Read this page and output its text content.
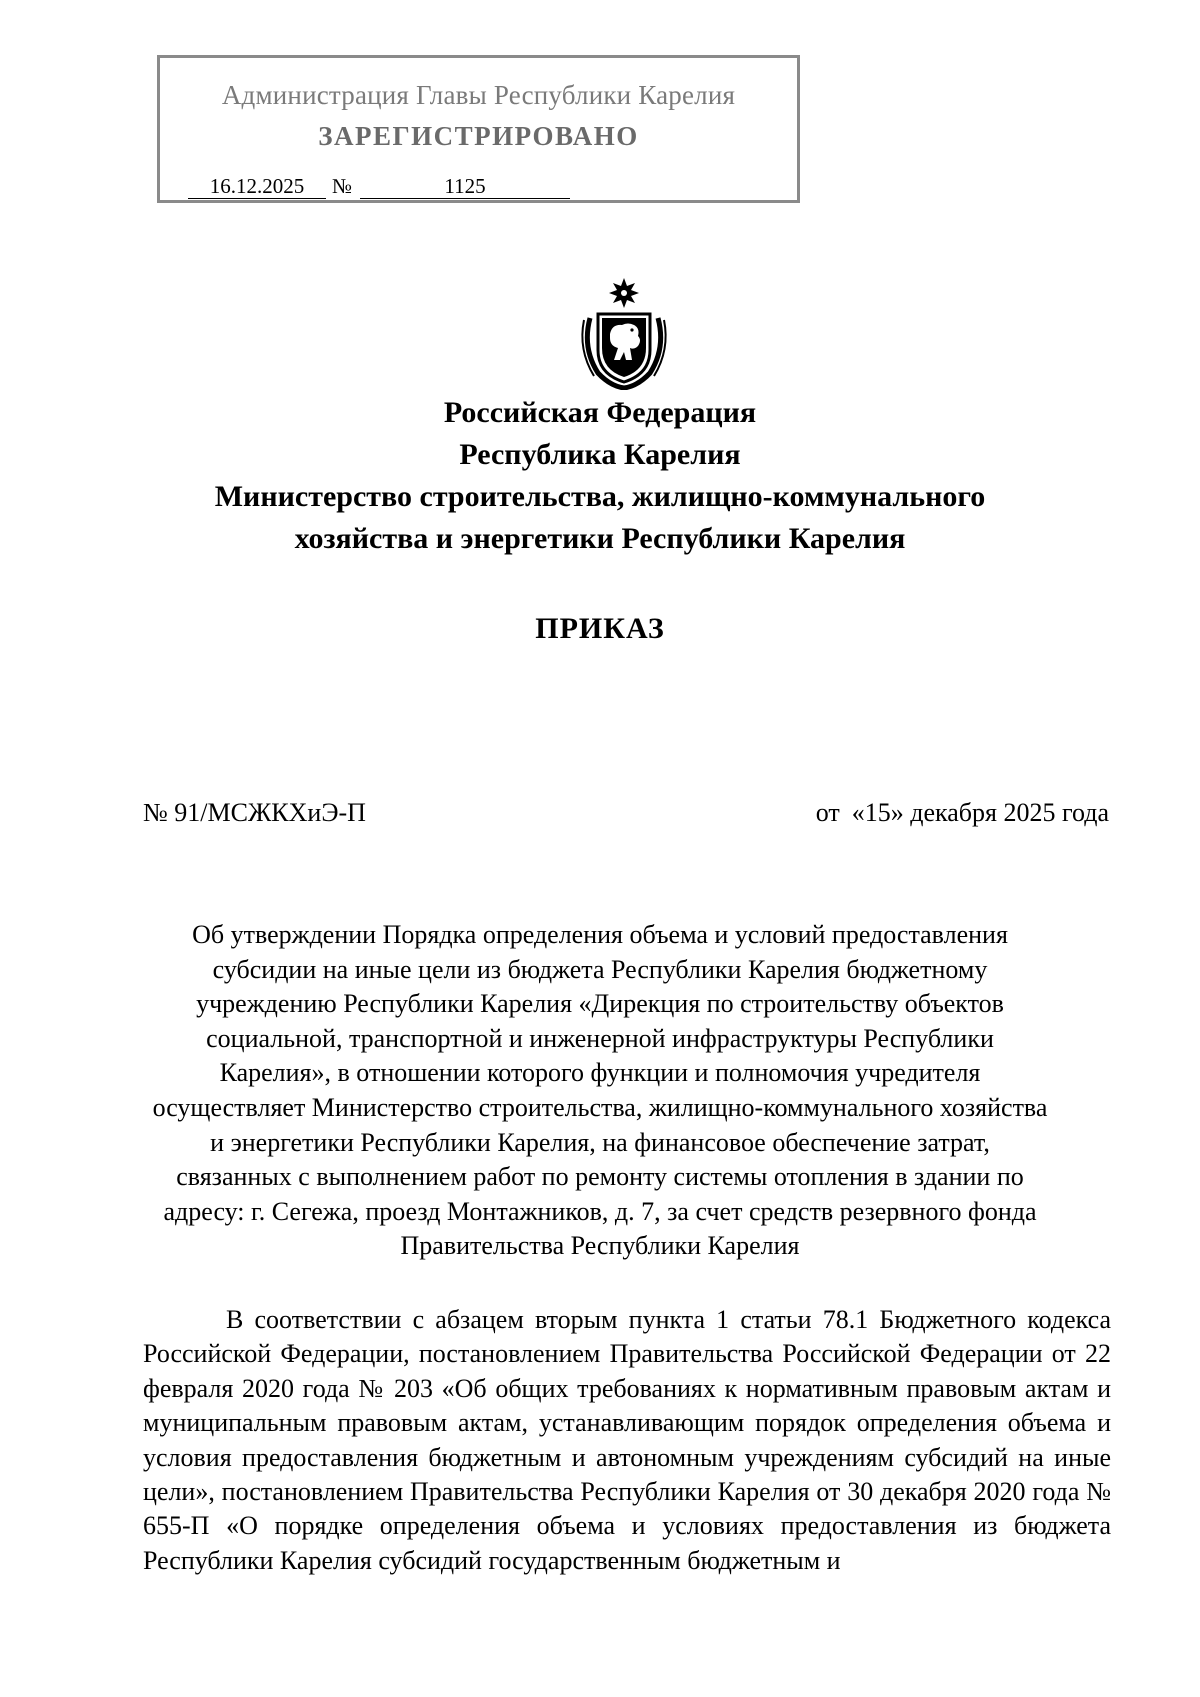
Администрация Главы Республики Карелия
ЗАРЕГИСТРИРОВАНО
16.12.2025	№	1125
Российская Федерация
Республика Карелия
Министерство строительства, жилищно-коммунального
хозяйства и энергетики Республики Карелия
ПРИКАЗ
№ 91/МСЖКХиЭ-П	от «15» декабря 2025 года
Об утверждении Порядка определения объема и условий предоставления субсидии на иные цели из бюджета Республики Карелия бюджетному учреждению Республики Карелия «Дирекция по строительству объектов социальной, транспортной и инженерной инфраструктуры Республики Карелия», в отношении которого функции и полномочия учредителя осуществляет Министерство строительства, жилищно-коммунального хозяйства и энергетики Республики Карелия, на финансовое обеспечение затрат, связанных с выполнением работ по ремонту системы отопления в здании по адресу: г. Сегежа, проезд Монтажников, д. 7, за счет средств резервного фонда Правительства Республики Карелия
В соответствии с абзацем вторым пункта 1 статьи 78.1 Бюджетного кодекса Российской Федерации, постановлением Правительства Российской Федерации от 22 февраля 2020 года № 203 «Об общих требованиях к нормативным правовым актам и муниципальным правовым актам, устанавливающим порядок определения объема и условия предоставления бюджетным и автономным учреждениям субсидий на иные цели», постановлением Правительства Республики Карелия от 30 декабря 2020 года № 655-П «О порядке определения объема и условиях предоставления из бюджета Республики Карелия субсидий государственным бюджетным и
